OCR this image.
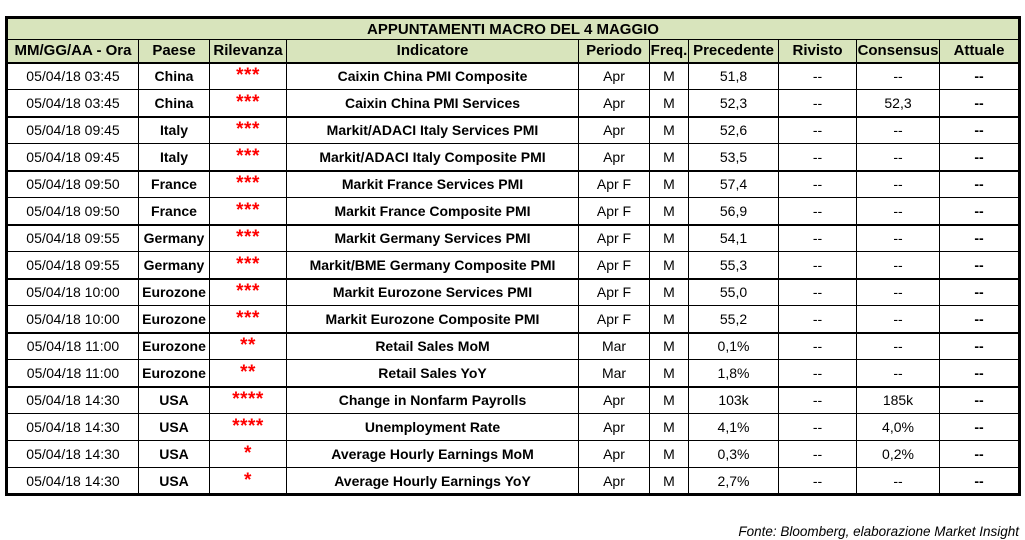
APPUNTAMENTI MACRO DEL 4 MAGGIO									
MM/GG/AA - Ora	Paese	Rilevanza	Indicatore	Periodo	Freq.	Precedente	Rivisto	Consensus	Attuale
05/04/18 03:45	China	***	Caixin China PMI Composite	Apr	M	51,8	--	--	--
05/04/18 03:45	China	***	Caixin China PMI Services	Apr	M	52,3	--	52,3	--
05/04/18 09:45	Italy	***	Markit/ADACI Italy Services PMI	Apr	M	52,6	--	--	--
05/04/18 09:45	Italy	***	Markit/ADACI Italy Composite PMI	Apr	M	53,5	--	--	--
05/04/18 09:50	France	***	Markit France Services PMI	Apr F	M	57,4	--	--	--
05/04/18 09:50	France	***	Markit France Composite PMI	Apr F	M	56,9	--	--	--
05/04/18 09:55	Germany	***	Markit Germany Services PMI	Apr F	M	54,1	--	--	--
05/04/18 09:55	Germany	***	Markit/BME Germany Composite PMI	Apr F	M	55,3	--	--	--
05/04/18 10:00	Eurozone	***	Markit Eurozone Services PMI	Apr F	M	55,0	--	--	--
05/04/18 10:00	Eurozone	***	Markit Eurozone Composite PMI	Apr F	M	55,2	--	--	--
05/04/18 11:00	Eurozone	**	Retail Sales MoM	Mar	M	0,1%	--	--	--
05/04/18 11:00	Eurozone	**	Retail Sales YoY	Mar	M	1,8%	--	--	--
05/04/18 14:30	USA	****	Change in Nonfarm Payrolls	Apr	M	103k	--	185k	--
05/04/18 14:30	USA	****	Unemployment Rate	Apr	M	4,1%	--	4,0%	--
05/04/18 14:30	USA	*	Average Hourly Earnings MoM	Apr	M	0,3%	--	0,2%	--
05/04/18 14:30	USA	*	Average Hourly Earnings YoY	Apr	M	2,7%	--	--	--
Fonte: Bloomberg, elaborazione Market Insight
